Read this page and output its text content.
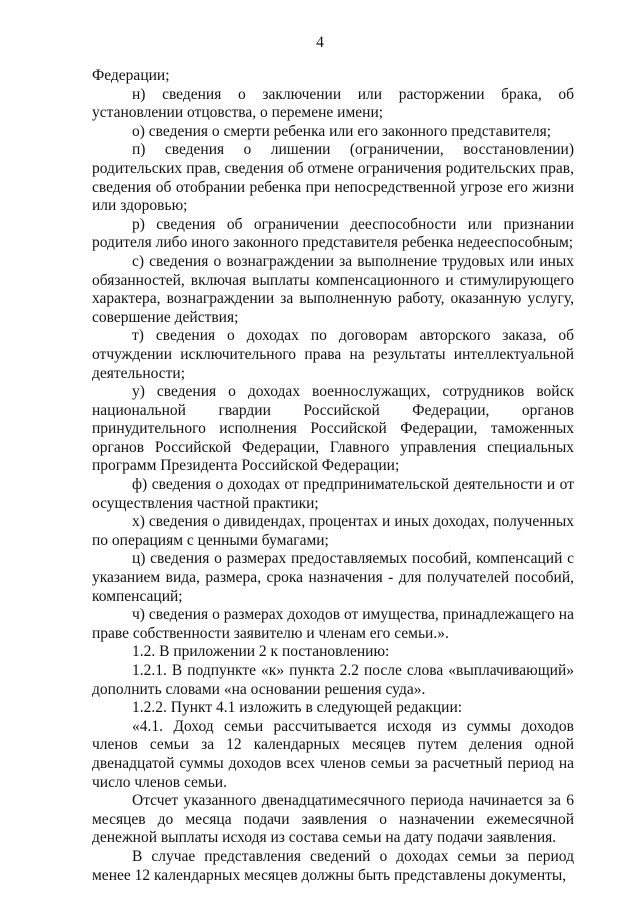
4

Федерации;

н) сведения о заключении или расторжении брака, об установлении отцовства, о перемене имени;

о) сведения о смерти ребенка или его законного представителя;

п) сведения о лишении (ограничении, восстановлении) родительских прав, сведения об отмене ограничения родительских прав, сведения об отобрании ребенка при непосредственной угрозе его жизни или здоровью;

р) сведения об ограничении дееспособности или признании родителя либо иного законного представителя ребенка недееспособным;

с) сведения о вознаграждении за выполнение трудовых или иных обязанностей, включая выплаты компенсационного и стимулирующего характера, вознаграждении за выполненную работу, оказанную услугу, совершение действия;

т) сведения о доходах по договорам авторского заказа, об отчуждении исключительного права на результаты интеллектуальной деятельности;

у) сведения о доходах военнослужащих, сотрудников войск национальной гвардии Российской Федерации, органов принудительного исполнения Российской Федерации, таможенных органов Российской Федерации, Главного управления специальных программ Президента Российской Федерации;

ф) сведения о доходах от предпринимательской деятельности и от осуществления частной практики;

х) сведения о дивидендах, процентах и иных доходах, полученных по операциям с ценными бумагами;

ц) сведения о размерах предоставляемых пособий, компенсаций с указанием вида, размера, срока назначения - для получателей пособий, компенсаций;

ч) сведения о размерах доходов от имущества, принадлежащего на праве собственности заявителю и членам его семьи.».

1.2. В приложении 2 к постановлению:

1.2.1. В подпункте «к» пункта 2.2 после слова «выплачивающий» дополнить словами «на основании решения суда».

1.2.2. Пункт 4.1 изложить в следующей редакции:

«4.1. Доход семьи рассчитывается исходя из суммы доходов членов семьи за 12 календарных месяцев путем деления одной двенадцатой суммы доходов всех членов семьи за расчетный период на число членов семьи.

Отсчет указанного двенадцатимесячного периода начинается за 6 месяцев до месяца подачи заявления о назначении ежемесячной денежной выплаты исходя из состава семьи на дату подачи заявления.

В случае представления сведений о доходах семьи за период менее 12 календарных месяцев должны быть представлены документы,
